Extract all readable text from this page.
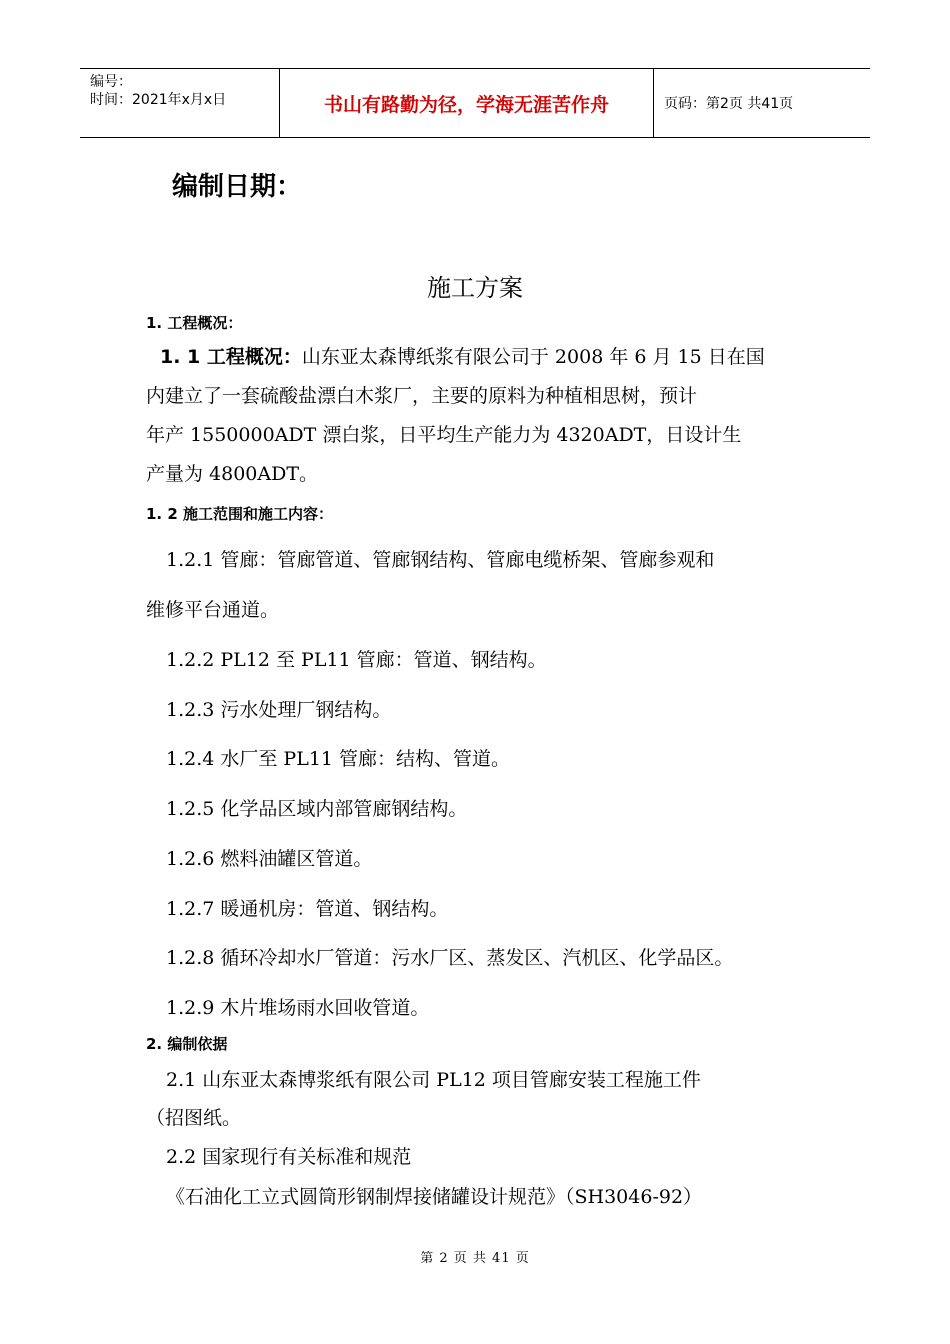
编号：
时间：2021年x月x日	书山有路勤为径，学海无涯苦作舟	页码：第2页 共41页
编制日期：
施工方案
1. 工程概况：
1. 1 工程概况：山东亚太森博纸浆有限公司于 2008 年 6 月 15 日在国
内建立了一套硫酸盐漂白木浆厂，主要的原料为种植相思树，预计
年产 1550000ADT 漂白浆，日平均生产能力为 4320ADT，日设计生
产量为 4800ADT。
1. 2 施工范围和施工内容：
1.2.1 管廊：管廊管道、管廊钢结构、管廊电缆桥架、管廊参观和
维修平台通道。
1.2.2 PL12 至 PL11 管廊：管道、钢结构。
1.2.3 污水处理厂钢结构。
1.2.4 水厂至 PL11 管廊：结构、管道。
1.2.5 化学品区域内部管廊钢结构。
1.2.6 燃料油罐区管道。
1.2.7 暖通机房：管道、钢结构。
1.2.8 循环冷却水厂管道：污水厂区、蒸发区、汽机区、化学品区。
1.2.9 木片堆场雨水回收管道。
2. 编制依据
2.1 山东亚太森博浆纸有限公司 PL12 项目管廊安装工程施工件
（招图纸。
2.2 国家现行有关标准和规范
《石油化工立式圆筒形钢制焊接储罐设计规范》（SH3046-92）
第 2 页 共 41 页
